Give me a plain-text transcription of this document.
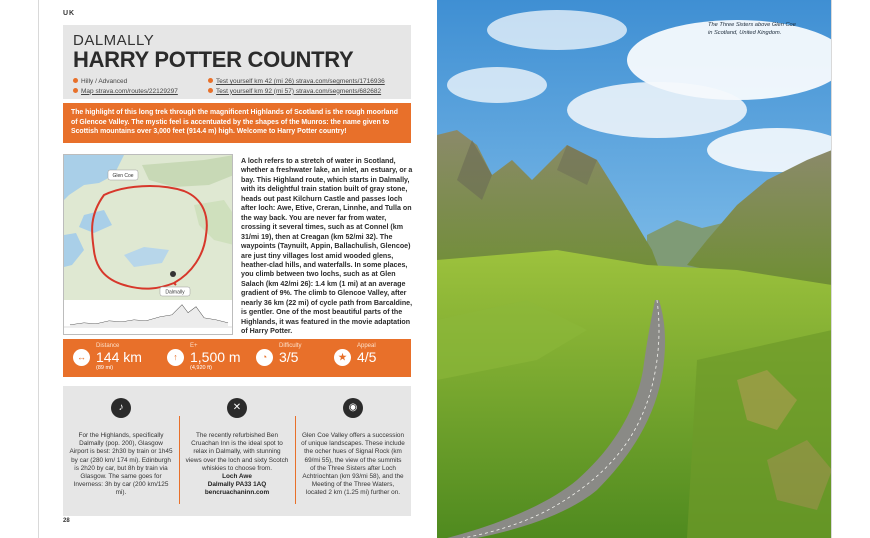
UK
DALMALLY
HARRY POTTER COUNTRY
Hilly / Advanced
Map strava.com/routes/22129297
Test yourself km 42 (mi 26) strava.com/segments/1716936
Test yourself km 92 (mi 57) strava.com/segments/682682
The highlight of this long trek through the magnificent Highlands of Scotland is the rough moorland of Glencoe Valley. The mystic feel is accentuated by the shapes of the Munros: the name given to Scottish mountains over 3,000 feet (914.4 m) high. Welcome to Harry Potter country!
Glen Coe
Dalmally
A loch refers to a stretch of water in Scotland, whether a freshwater lake, an inlet, an estuary, or a bay. This Highland route, which starts in Dalmally, with its delightful train station built of gray stone, heads out past Kilchurn Castle and passes loch after loch: Awe, Etive, Creran, Linnhe, and Tulla on the way back. You are never far from water, crossing it several times, such as at Connel (km 31/mi 19), then at Creagan (km 52/mi 32). The waypoints (Taynuilt, Appin, Ballachulish, Glencoe) are just tiny villages lost amid wooded glens, heather-clad hills, and waterfalls. In some places, you climb between two lochs, such as at Glen Salach (km 42/mi 26): 1.4 km (1 mi) at an average gradient of 9%. The climb to Glencoe Valley, after nearly 36 km (22 mi) of cycle path from Barcaldine, is gentler. One of the most beautiful parts of the Highlands, it was featured in the movie adaptation of Harry Potter.
↔
Distance
144 km
(89 mi)
↑
E+
1,500 m
(4,920 ft)
◔
Difficulty
3/5	★
Appeal
4/5
♪

For the Highlands, specifically Dalmally (pop. 200), Glasgow Airport is best: 2h30 by train or 1h45 by car (280 km/ 174 mi). Edinburgh is 2h20 by car, but 8h by train via Glasgow. The same goes for Inverness: 3h by car (200 km/125 mi).

✕

The recently refurbished Ben Cruachan Inn is the ideal spot to relax in Dalmally, with stunning views over the loch and sixty Scotch whiskies to choose from.
Loch Awe
Dalmally PA33 1AQ
bencruachaninn.com

◉

Glen Coe Valley offers a succession of unique landscapes. These include the ocher hues of Signal Rock (km 69/mi 55), the view of the summits of the Three Sisters after Loch Achtriochtan (km 93/mi 58), and the Meeting of the Three Waters, located 2 km (1.25 mi) further on.

28
The Three Sisters above Glen Coe in Scotland, United Kingdom.
